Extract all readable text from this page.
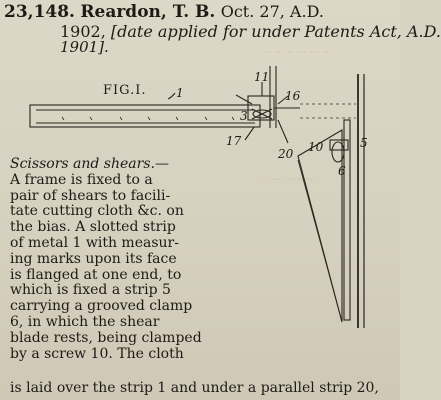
·· ··· ·· ··· ··· ···
·· ··· ··· ·· ···
23,148. Reardon, T. B. Oct. 27, A.D.
1902, [date applied for under Patents Act, A.D.
1901].
FIG.I. 1
11
16
3
17
20 10	5
6
Scissors and shears.—
A frame is fixed to a
pair of shears to facili-
tate cutting cloth &c. on
the bias. A slotted strip
of metal 1 with measur-
ing marks upon its face
is flanged at one end, to
which is fixed a strip 5
carrying a grooved clamp
6, in which the shear
blade rests, being clamped
by a screw 10. The cloth
is laid over the strip 1 and under a parallel strip 20,
